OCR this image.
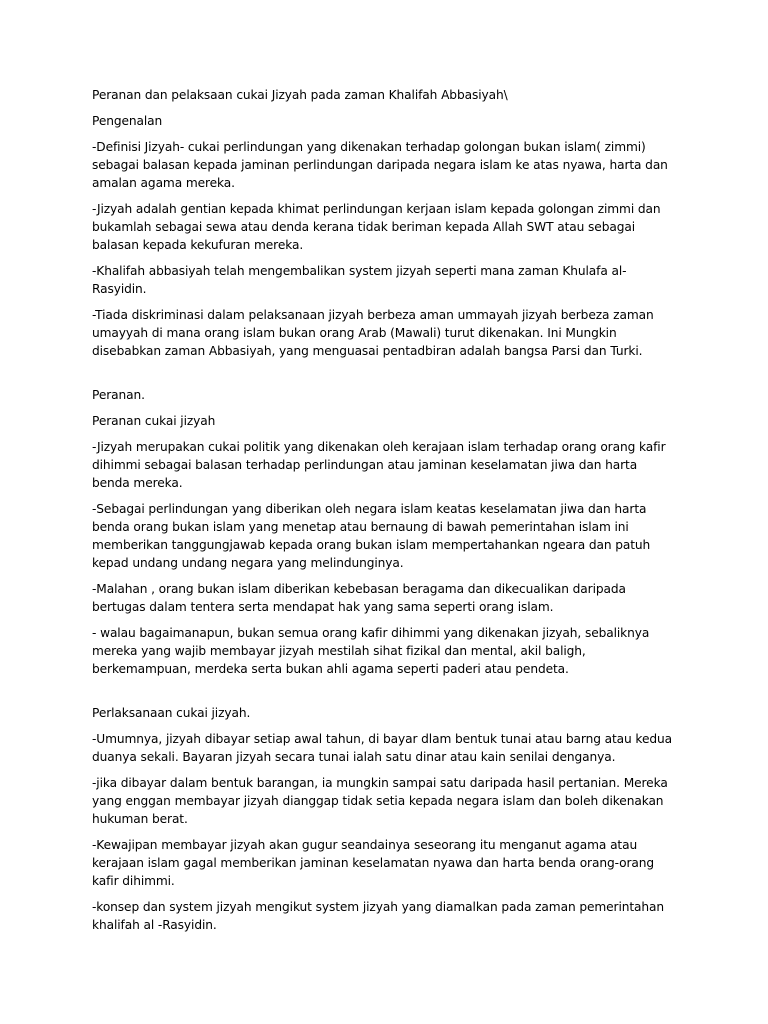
Peranan dan pelaksaan cukai Jizyah pada zaman Khalifah Abbasiyah\

Pengenalan

-Definisi Jizyah- cukai perlindungan yang dikenakan terhadap golongan bukan islam( zimmi) sebagai balasan kepada jaminan perlindungan daripada negara islam ke atas nyawa, harta dan amalan agama mereka.

-Jizyah adalah gentian kepada khimat perlindungan kerjaan islam kepada golongan zimmi dan bukamlah sebagai sewa atau denda kerana tidak beriman kepada Allah SWT atau sebagai balasan kepada kekufuran mereka.

-Khalifah abbasiyah telah mengembalikan system jizyah seperti mana zaman Khulafa al- Rasyidin.

-Tiada diskriminasi dalam pelaksanaan jizyah berbeza aman ummayah jizyah berbeza zaman umayyah di mana orang islam bukan orang Arab (Mawali) turut dikenakan. Ini Mungkin disebabkan zaman Abbasiyah, yang menguasai pentadbiran adalah bangsa Parsi dan Turki.

Peranan.

Peranan cukai jizyah

-Jizyah merupakan cukai politik yang dikenakan oleh kerajaan islam terhadap orang orang kafir dihimmi sebagai balasan terhadap perlindungan atau jaminan keselamatan jiwa dan harta benda mereka.

-Sebagai perlindungan yang diberikan oleh negara islam keatas keselamatan jiwa dan harta benda orang bukan islam yang menetap atau bernaung di bawah pemerintahan islam ini memberikan tanggungjawab kepada orang bukan islam mempertahankan ngeara dan patuh kepad undang undang negara yang melindunginya.

-Malahan , orang bukan islam diberikan kebebasan beragama dan dikecualikan daripada bertugas dalam tentera serta mendapat hak yang sama seperti orang islam.

- walau bagaimanapun, bukan semua orang kafir dihimmi yang dikenakan jizyah, sebaliknya mereka yang wajib membayar jizyah mestilah sihat fizikal dan mental, akil baligh, berkemampuan, merdeka serta bukan ahli agama seperti paderi atau pendeta.

Perlaksanaan cukai jizyah.

-Umumnya, jizyah dibayar setiap awal tahun, di bayar dlam bentuk tunai atau barng atau kedua duanya sekali. Bayaran jizyah secara tunai ialah satu dinar atau kain senilai denganya.

-jika dibayar dalam bentuk barangan, ia mungkin sampai satu daripada hasil pertanian. Mereka yang enggan membayar jizyah dianggap tidak setia kepada negara islam dan boleh dikenakan hukuman berat.

-Kewajipan membayar jizyah akan gugur seandainya seseorang itu menganut agama atau kerajaan islam gagal memberikan jaminan keselamatan nyawa dan harta benda orang-orang kafir dihimmi.

-konsep dan system jizyah mengikut system jizyah yang diamalkan pada zaman pemerintahan khalifah al -Rasyidin.
